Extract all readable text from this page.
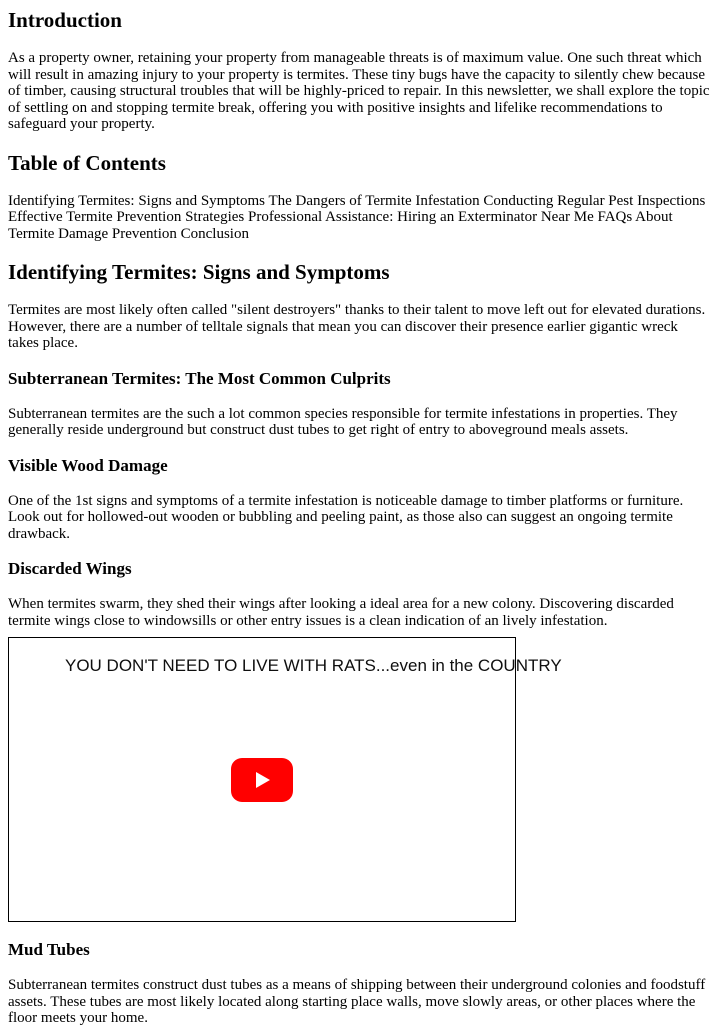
Introduction

As a property owner, retaining your property from manageable threats is of maximum value. One such threat which will result in amazing injury to your property is termites. These tiny bugs have the capacity to silently chew because of timber, causing structural troubles that will be highly-priced to repair. In this newsletter, we shall explore the topic of settling on and stopping termite break, offering you with positive insights and lifelike recommendations to safeguard your property.

Table of Contents

Identifying Termites: Signs and Symptoms The Dangers of Termite Infestation Conducting Regular Pest Inspections Effective Termite Prevention Strategies Professional Assistance: Hiring an Exterminator Near Me FAQs About Termite Damage Prevention Conclusion

Identifying Termites: Signs and Symptoms

Termites are most likely often called "silent destroyers" thanks to their talent to move left out for elevated durations. However, there are a number of telltale signals that mean you can discover their presence earlier gigantic wreck takes place.

Subterranean Termites: The Most Common Culprits

Subterranean termites are the such a lot common species responsible for termite infestations in properties. They generally reside underground but construct dust tubes to get right of entry to aboveground meals assets.

Visible Wood Damage

One of the 1st signs and symptoms of a termite infestation is noticeable damage to timber platforms or furniture. Look out for hollowed-out wooden or bubbling and peeling paint, as those also can suggest an ongoing termite drawback.

Discarded Wings

When termites swarm, they shed their wings after looking a ideal area for a new colony. Discovering discarded termite wings close to windowsills or other entry issues is a clean indication of an lively infestation.

YOU DON'T NEED TO LIVE WITH RATS...even in the COUNTRY
Mud Tubes

Subterranean termites construct dust tubes as a means of shipping between their underground colonies and foodstuff assets. These tubes are most likely located along starting place walls, move slowly areas, or other places where the floor meets your home.
